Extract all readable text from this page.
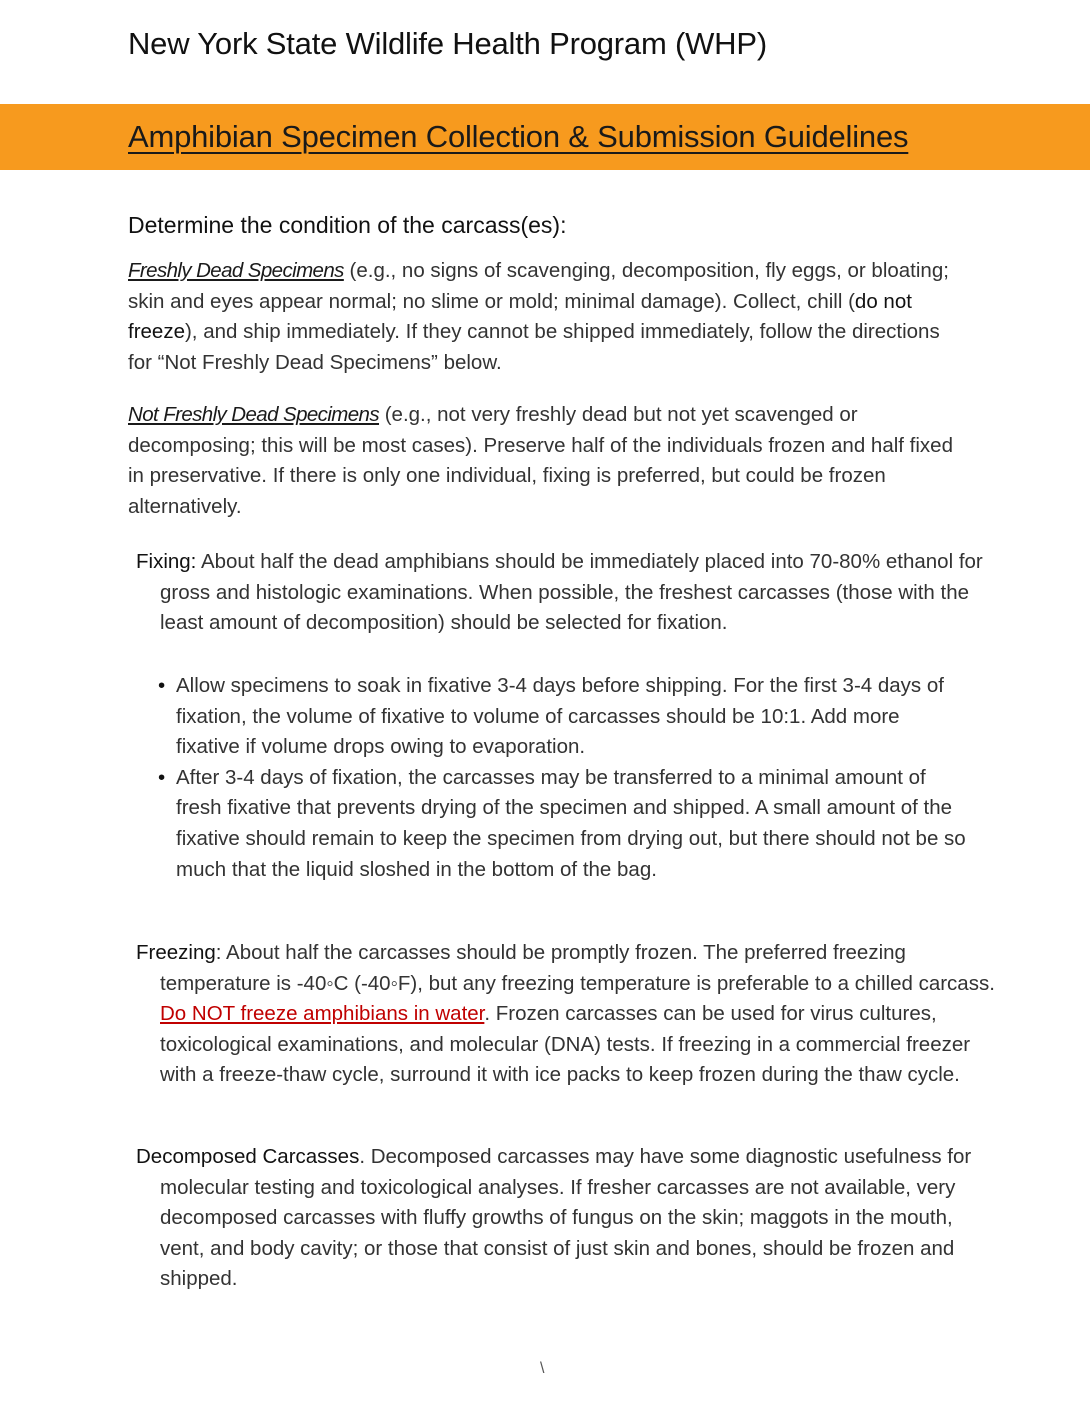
New York State Wildlife Health Program (WHP)
Amphibian Specimen Collection & Submission Guidelines
Determine the condition of the carcass(es):

Freshly Dead Specimens (e.g., no signs of scavenging, decomposition, fly eggs, or bloating; skin and eyes appear normal; no slime or mold; minimal damage). Collect, chill (do not freeze), and ship immediately. If they cannot be shipped immediately, follow the directions for “Not Freshly Dead Specimens” below.

Not Freshly Dead Specimens (e.g., not very freshly dead but not yet scavenged or decomposing; this will be most cases). Preserve half of the individuals frozen and half fixed in preservative. If there is only one individual, fixing is preferred, but could be frozen alternatively.

Fixing: About half the dead amphibians should be immediately placed into 70-80% ethanol for gross and histologic examinations. When possible, the freshest carcasses (those with the least amount of decomposition) should be selected for fixation.

• Allow specimens to soak in fixative 3-4 days before shipping. For the first 3-4 days of fixation, the volume of fixative to volume of carcasses should be 10:1. Add more fixative if volume drops owing to evaporation.
• After 3-4 days of fixation, the carcasses may be transferred to a minimal amount of fresh fixative that prevents drying of the specimen and shipped. A small amount of the fixative should remain to keep the specimen from drying out, but there should not be so much that the liquid sloshed in the bottom of the bag.

Freezing: About half the carcasses should be promptly frozen. The preferred freezing temperature is -40◦C (-40◦F), but any freezing temperature is preferable to a chilled carcass. Do NOT freeze amphibians in water. Frozen carcasses can be used for virus cultures, toxicological examinations, and molecular (DNA) tests. If freezing in a commercial freezer with a freeze-thaw cycle, surround it with ice packs to keep frozen during the thaw cycle.

Decomposed Carcasses. Decomposed carcasses may have some diagnostic usefulness for molecular testing and toxicological analyses. If fresher carcasses are not available, very decomposed carcasses with fluffy growths of fungus on the skin; maggots in the mouth, vent, and body cavity; or those that consist of just skin and bones, should be frozen and shipped.

\
